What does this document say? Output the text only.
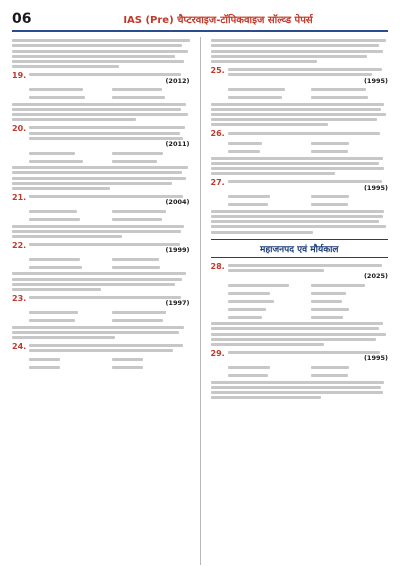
06	IAS (Pre) चैप्टरवाइज-टॉपिकवाइज सॉल्व्ड पेपर्स
19.
(2012)
20.
(2011)
21.
(2004)
22.
(1999)
23.
(1997)
24.
25.
(1995)
26.
27.
(1995)
महाजनपद एवं मौर्यकाल
28.
(2025)
29.
(1995)
